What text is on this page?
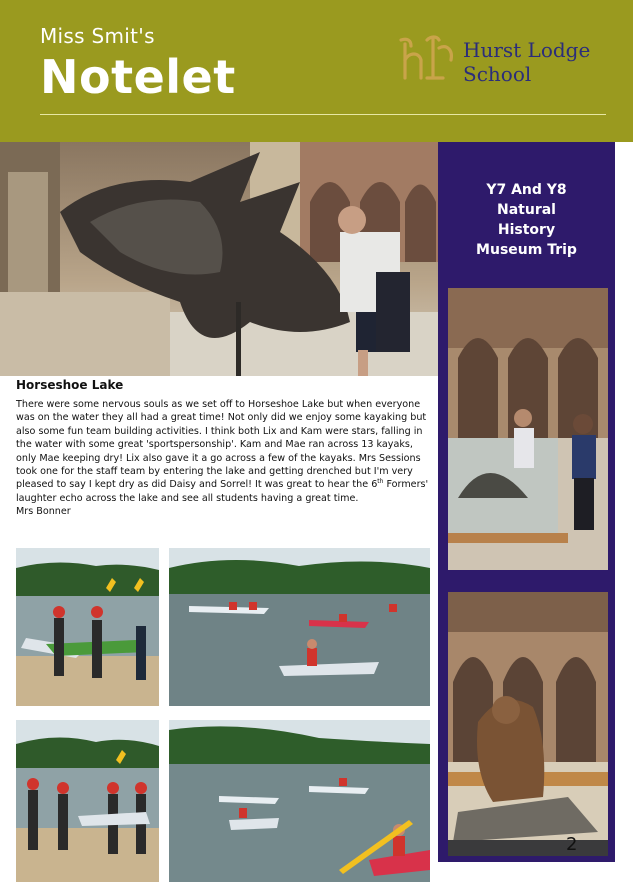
Miss Smit's
Notelet	Hurst Lodge
School
Y7 And Y8
Natural
History
Museum Trip
Horseshoe Lake

There were some nervous souls as we set off to Horseshoe Lake but when everyone was on the water they all had a great time! Not only did we enjoy some kayaking but also some fun team building activities. I think both Lix and Kam were stars, falling in the water with some great 'sportspersonship'. Kam and Mae ran across 13 kayaks, only Mae keeping dry! Lix also gave it a go across a few of the kayaks. Mrs Sessions took one for the staff team by entering the lake and getting drenched but I'm very pleased to say I kept dry as did Daisy and Sorrel! It was great to hear the 6th Formers' laughter echo across the lake and see all students having a great time.

Mrs Bonner
2
